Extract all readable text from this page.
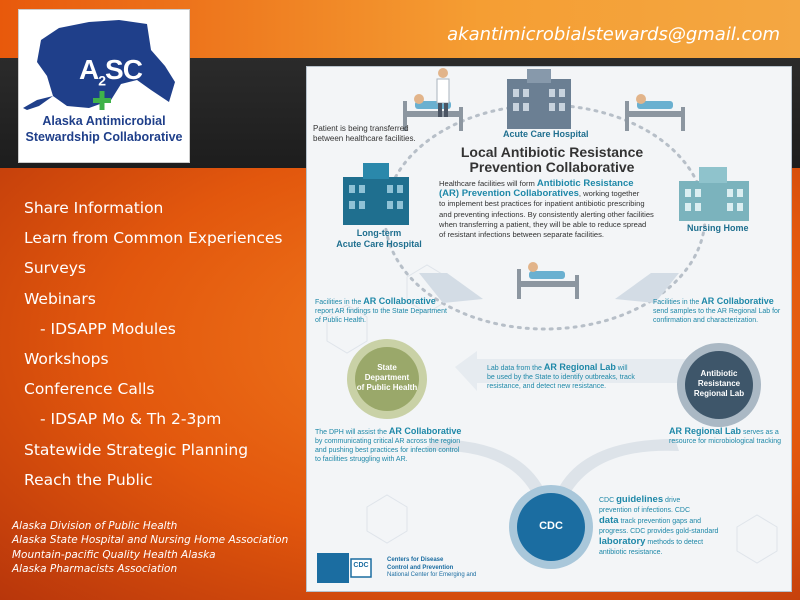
akantimicrobialstewards@gmail.com
$A_2SC$
Alaska Antimicrobial
Stewardship Collaborative
Share Information
Learn from Common Experiences
Surveys
Webinars
- IDSAPP Modules
Workshops
Conference Calls
- IDSAP Mo & Th 2-3pm
Statewide Strategic Planning
Reach the Public
Alaska Division of Public Health
Alaska State Hospital and Nursing Home Association
Mountain-pacific Quality Health Alaska
Alaska Pharmacists Association
Patient is being transferred between healthcare facilities.	Acute Care Hospital
Long-term
Acute Care Hospital
Nursing Home
Local Antibiotic Resistance
Prevention Collaborative
Healthcare facilities will form Antibiotic Resistance
(AR) Prevention Collaboratives, working together
to implement best practices for inpatient antibiotic prescribing
and preventing infections. By consistently alerting other facilities
when transferring a patient, they will be able to reduce spread
of resistant infections between separate facilities.
Facilities in the AR Collaborative
report AR findings to the State Department
of Public Health.
Facilities in the AR Collaborative
send samples to the AR Regional Lab for
confirmation and characterization.
State
Department
of Public Health
Antibiotic
Resistance
Regional Lab
Lab data from the AR Regional Lab will
be used by the State to identify outbreaks, track
resistance, and detect new resistance.
The DPH will assist the AR Collaborative
by communicating critical AR across the region
and pushing best practices for infection control
to facilities struggling with AR.
AR Regional Lab serves as a
resource for microbiological tracking
CDC
CDC guidelines drive
prevention of infections. CDC
data track prevention gaps and
progress. CDC provides gold-standard
laboratory methods to detect
antibiotic resistance.
CDC
Centers for Disease
Control and Prevention
National Center for Emerging and
